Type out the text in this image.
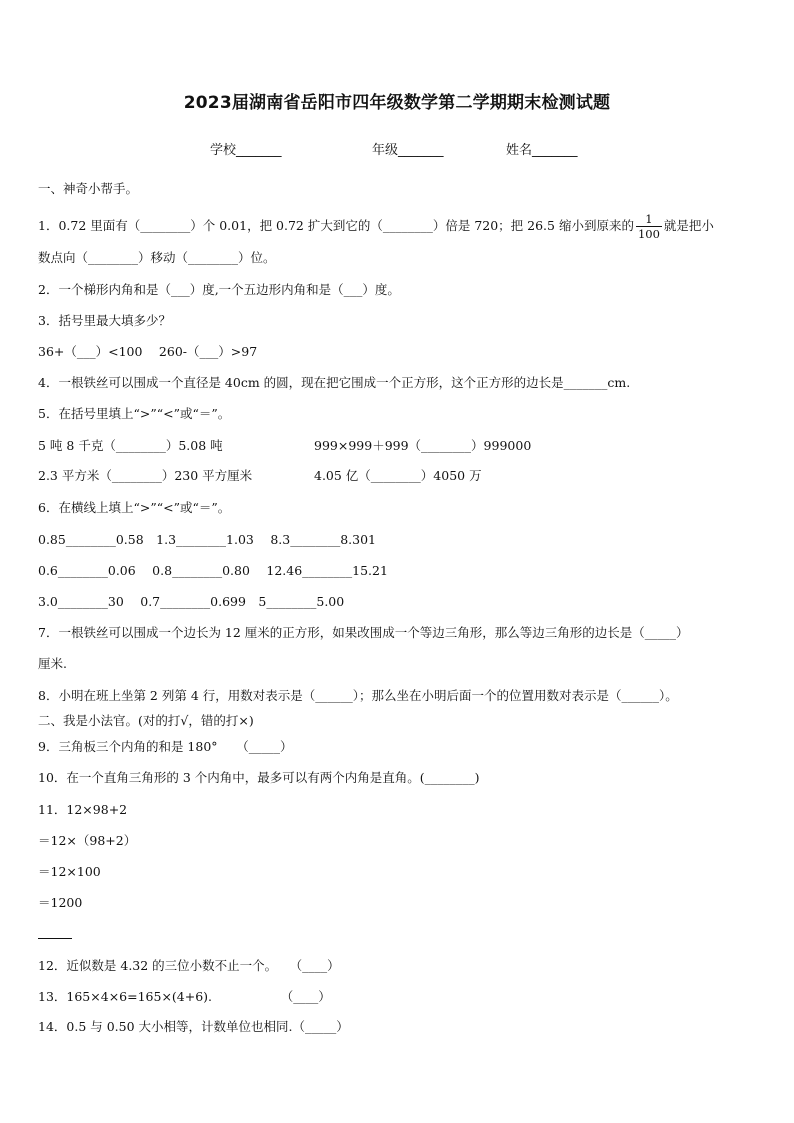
2023届湖南省岳阳市四年级数学第二学期期末检测试题
学校_______	年级_______	姓名_______
一、神奇小帮手。
1．0.72 里面有（________）个 0.01，把 0.72 扩大到它的（________）倍是 720；把 26.5 缩小到原来的 $\frac{1}{100}$ 就是把小
数点向（________）移动（________）位。
2．一个梯形内角和是（___）度,一个五边形内角和是（___）度。
3．括号里最大填多少？
36+（___）<100　 260-（___）>97
4．一根铁丝可以围成一个直径是 40cm 的圆，现在把它围成一个正方形，这个正方形的边长是_______cm.
5．在括号里填上“>”“<”或“＝”。
5 吨 8 千克（________）5.08 吨	999×999＋999（________）999000
2.3 平方米（________）230 平方厘米	4.05 亿（________）4050 万
6．在横线上填上“>”“<”或“＝”。
0.85________0.58　1.3________1.03　 8.3________8.301
0.6________0.06　 0.8________0.80　 12.46________15.21
3.0________30　 0.7________0.699　5________5.00
7．一根铁丝可以围成一个边长为 12 厘米的正方形，如果改围成一个等边三角形，那么等边三角形的边长是（_____）
厘米.
8．小明在班上坐第 2 列第 4 行，用数对表示是（______）；那么坐在小明后面一个的位置用数对表示是（______）。
二、我是小法官。(对的打√，错的打×)
9．三角板三个内角的和是 180°　　（_____）
10．在一个直角三角形的 3 个内角中，最多可以有两个内角是直角。(________)
11．12×98+2
＝12×（98+2）
＝12×100
＝1200
12．近似数是 4.32 的三位小数不止一个。　　（____）
13．165×4×6=165×(4+6).　　　　　　（____）
14．0.5 与 0.50 大小相等，计数单位也相同.（_____）
